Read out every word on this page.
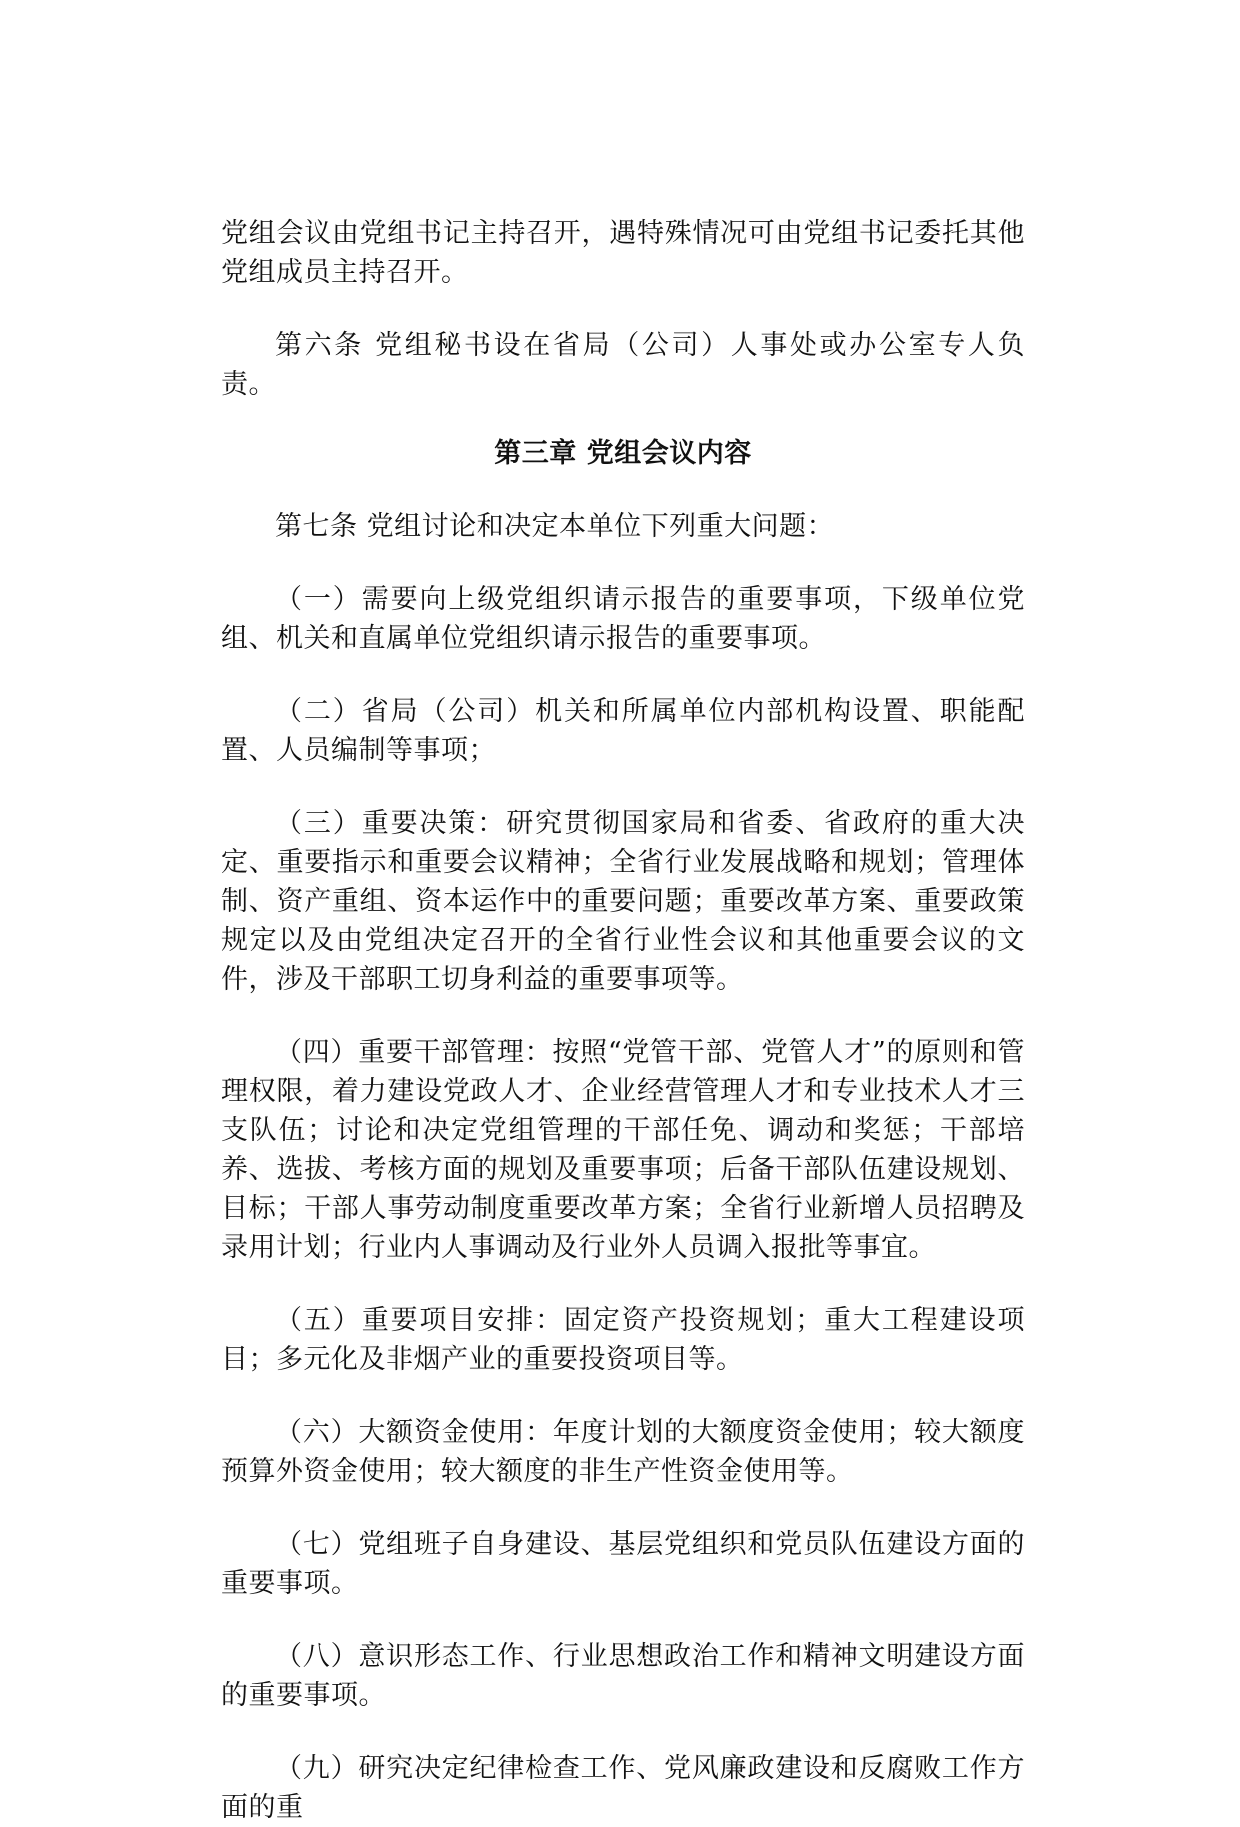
党组会议由党组书记主持召开，遇特殊情况可由党组书记委托其他党组成员主持召开。

第六条 党组秘书设在省局（公司）人事处或办公室专人负责。

第三章 党组会议内容

第七条 党组讨论和决定本单位下列重大问题：

（一）需要向上级党组织请示报告的重要事项，下级单位党组、机关和直属单位党组织请示报告的重要事项。

（二）省局（公司）机关和所属单位内部机构设置、职能配置、人员编制等事项；

（三）重要决策：研究贯彻国家局和省委、省政府的重大决定、重要指示和重要会议精神；全省行业发展战略和规划；管理体制、资产重组、资本运作中的重要问题；重要改革方案、重要政策规定以及由党组决定召开的全省行业性会议和其他重要会议的文件，涉及干部职工切身利益的重要事项等。

（四）重要干部管理：按照“党管干部、党管人才”的原则和管理权限，着力建设党政人才、企业经营管理人才和专业技术人才三支队伍；讨论和决定党组管理的干部任免、调动和奖惩；干部培养、选拔、考核方面的规划及重要事项；后备干部队伍建设规划、目标；干部人事劳动制度重要改革方案；全省行业新增人员招聘及录用计划；行业内人事调动及行业外人员调入报批等事宜。

（五）重要项目安排：固定资产投资规划；重大工程建设项目；多元化及非烟产业的重要投资项目等。

（六）大额资金使用：年度计划的大额度资金使用；较大额度预算外资金使用；较大额度的非生产性资金使用等。

（七）党组班子自身建设、基层党组织和党员队伍建设方面的重要事项。

（八）意识形态工作、行业思想政治工作和精神文明建设方面的重要事项。

（九）研究决定纪律检查工作、党风廉政建设和反腐败工作方面的重
